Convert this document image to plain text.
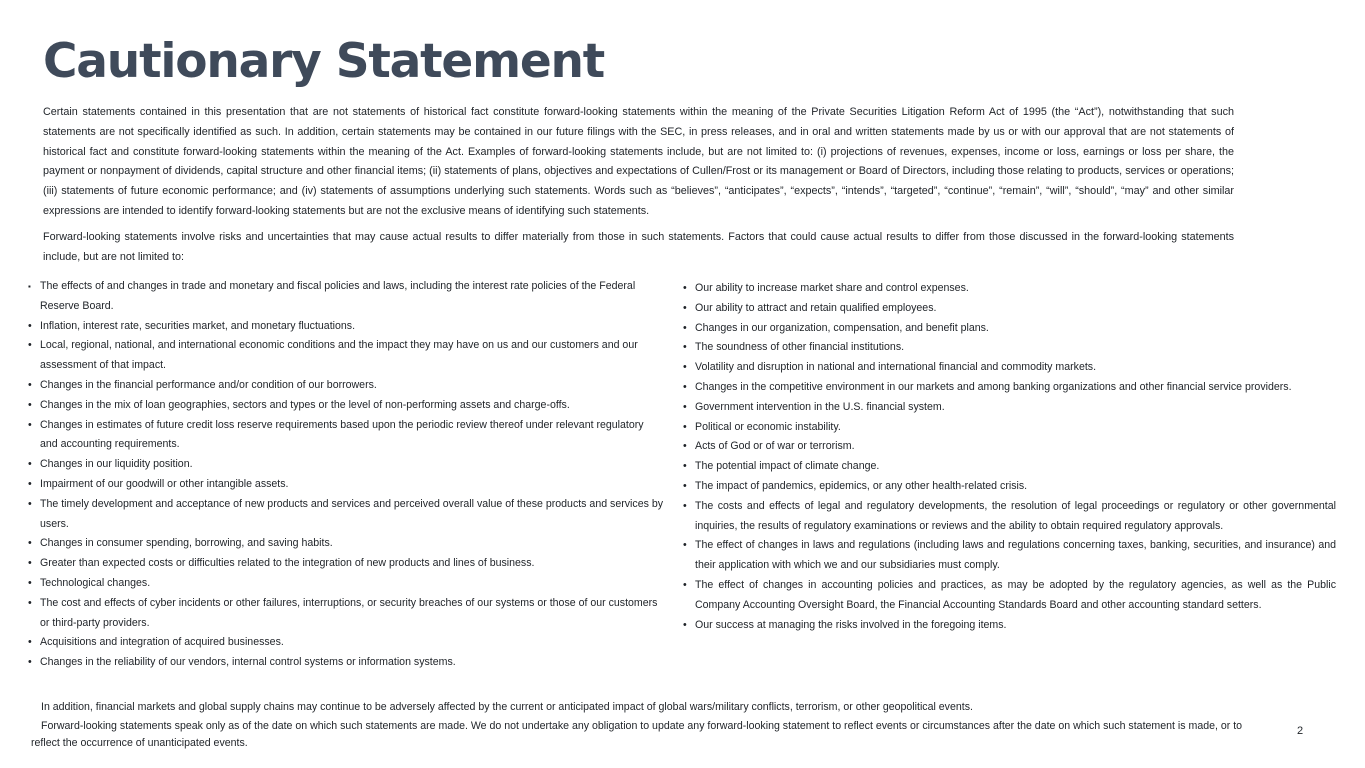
Cautionary Statement

Certain statements contained in this presentation that are not statements of historical fact constitute forward-looking statements within the meaning of the Private Securities Litigation Reform Act of 1995 (the “Act”), notwithstanding that such statements are not specifically identified as such. In addition, certain statements may be contained in our future filings with the SEC, in press releases, and in oral and written statements made by us or with our approval that are not statements of historical fact and constitute forward-looking statements within the meaning of the Act. Examples of forward-looking statements include, but are not limited to: (i) projections of revenues, expenses, income or loss, earnings or loss per share, the payment or nonpayment of dividends, capital structure and other financial items; (ii) statements of plans, objectives and expectations of Cullen/Frost or its management or Board of Directors, including those relating to products, services or operations; (iii) statements of future economic performance; and (iv) statements of assumptions underlying such statements. Words such as “believes”, “anticipates”, “expects”, “intends”, “targeted”, “continue”, “remain”, “will”, “should”, “may” and other similar expressions are intended to identify forward-looking statements but are not the exclusive means of identifying such statements.

Forward-looking statements involve risks and uncertainties that may cause actual results to differ materially from those in such statements. Factors that could cause actual results to differ from those discussed in the forward-looking statements include, but are not limited to:

▪ The effects of and changes in trade and monetary and fiscal policies and laws, including the interest rate policies of the Federal Reserve Board.
• Inflation, interest rate, securities market, and monetary fluctuations.
• Local, regional, national, and international economic conditions and the impact they may have on us and our customers and our assessment of that impact.
• Changes in the financial performance and/or condition of our borrowers.
• Changes in the mix of loan geographies, sectors and types or the level of non-performing assets and charge-offs.
• Changes in estimates of future credit loss reserve requirements based upon the periodic review thereof under relevant regulatory and accounting requirements.
• Changes in our liquidity position.
• Impairment of our goodwill or other intangible assets.
• The timely development and acceptance of new products and services and perceived overall value of these products and services by users.
• Changes in consumer spending, borrowing, and saving habits.
• Greater than expected costs or difficulties related to the integration of new products and lines of business.
• Technological changes.
• The cost and effects of cyber incidents or other failures, interruptions, or security breaches of our systems or those of our customers or third-party providers.
• Acquisitions and integration of acquired businesses.
• Changes in the reliability of our vendors, internal control systems or information systems.
• Our ability to increase market share and control expenses.
• Our ability to attract and retain qualified employees.
• Changes in our organization, compensation, and benefit plans.
• The soundness of other financial institutions.
• Volatility and disruption in national and international financial and commodity markets.
• Changes in the competitive environment in our markets and among banking organizations and other financial service providers.
• Government intervention in the U.S. financial system.
• Political or economic instability.
• Acts of God or of war or terrorism.
• The potential impact of climate change.
• The impact of pandemics, epidemics, or any other health-related crisis.
• The costs and effects of legal and regulatory developments, the resolution of legal proceedings or regulatory or other governmental inquiries, the results of regulatory examinations or reviews and the ability to obtain required regulatory approvals.
• The effect of changes in laws and regulations (including laws and regulations concerning taxes, banking, securities, and insurance) and their application with which we and our subsidiaries must comply.
• The effect of changes in accounting policies and practices, as may be adopted by the regulatory agencies, as well as the Public Company Accounting Oversight Board, the Financial Accounting Standards Board and other accounting standard setters.
• Our success at managing the risks involved in the foregoing items.

In addition, financial markets and global supply chains may continue to be adversely affected by the current or anticipated impact of global wars/military conflicts, terrorism, or other geopolitical events.

Forward-looking statements speak only as of the date on which such statements are made. We do not undertake any obligation to update any forward-looking statement to reflect events or circumstances after the date on which such statement is made, or to reflect the occurrence of unanticipated events.

2
